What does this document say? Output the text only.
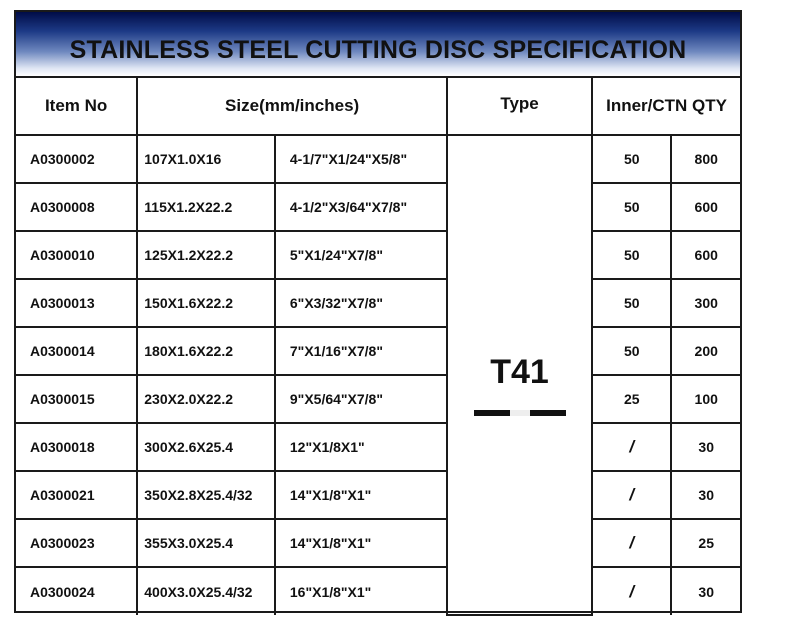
STAINLESS STEEL CUTTING DISC SPECIFICATION
Item No	Size(mm/inches)		Type	Inner/CTN QTY	
A0300002	107X1.0X16	4-1/7"X1/24"X5/8"	T41	50	800
A0300008	115X1.2X22.2	4-1/2"X3/64"X7/8"		50	600
A0300010	125X1.2X22.2	5"X1/24"X7/8"		50	600
A0300013	150X1.6X22.2	6"X3/32"X7/8"		50	300
A0300014	180X1.6X22.2	7"X1/16"X7/8"		50	200
A0300015	230X2.0X22.2	9"X5/64"X7/8"		25	100
A0300018	300X2.6X25.4	12"X1/8X1"		/	30
A0300021	350X2.8X25.4/32	14"X1/8"X1"		/	30
A0300023	355X3.0X25.4	14"X1/8"X1"		/	25
A0300024	400X3.0X25.4/32	16"X1/8"X1"		/	30
